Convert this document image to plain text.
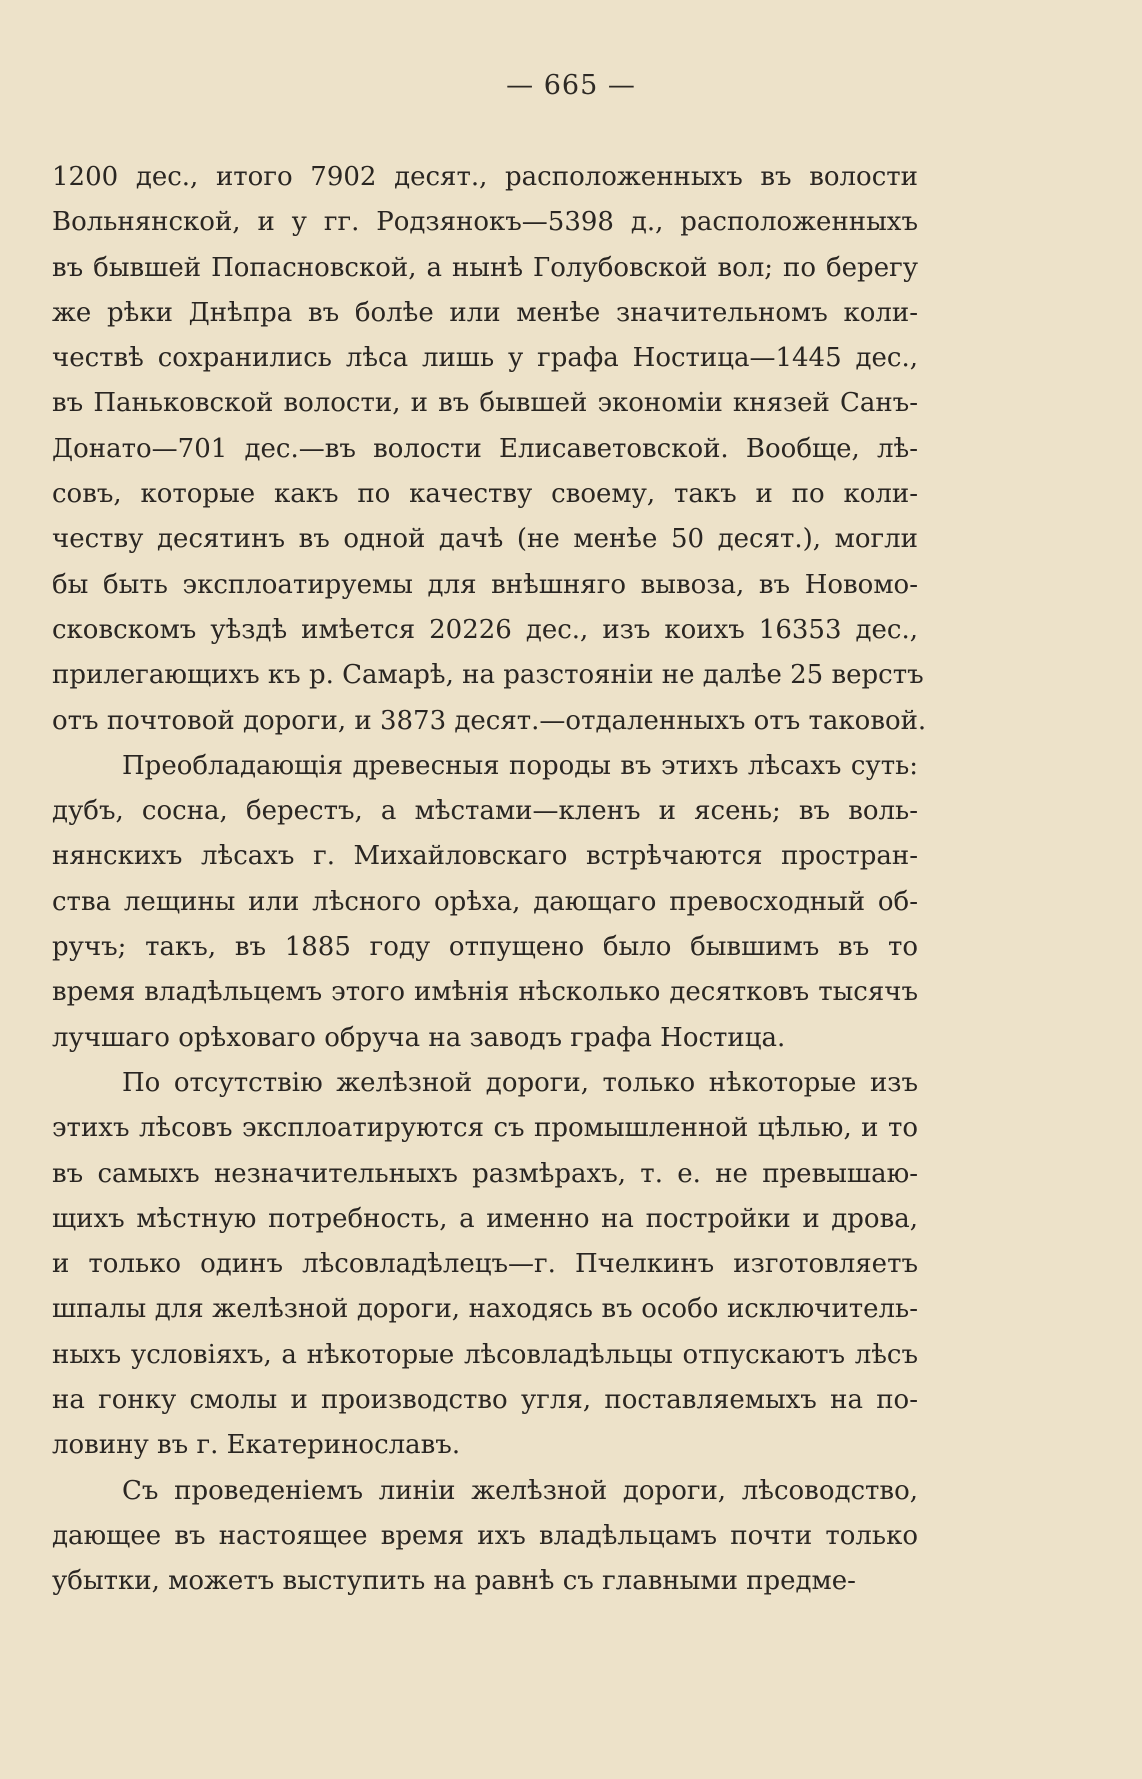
— 665 —
1200 дес., итого 7902 десят., расположенныхъ въ волости
Вольнянской, и у гг. Родзянокъ—5398 д., расположенныхъ
въ бывшей Попасновской, а нынѣ Голубовской вол; по берегу
же рѣки Днѣпра въ болѣе или менѣе значительномъ коли-
чествѣ сохранились лѣса лишь у графа Ностица—1445 дес.,
въ Паньковской волости, и въ бывшей экономіи князей Санъ-
Донато—701 дес.—въ волости Елисаветовской. Вообще, лѣ-
совъ, которые какъ по качеству своему, такъ и по коли-
честву десятинъ въ одной дачѣ (не менѣе 50 десят.), могли
бы быть эксплоатируемы для внѣшняго вывоза, въ Новомо-
сковскомъ уѣздѣ имѣется 20226 дес., изъ коихъ 16353 дес.,
прилегающихъ къ р. Самарѣ, на разстояніи не далѣе 25 верстъ
отъ почтовой дороги, и 3873 десят.—отдаленныхъ отъ таковой.
Преобладающія древесныя породы въ этихъ лѣсахъ суть:
дубъ, сосна, берестъ, а мѣстами—кленъ и ясень; въ воль-
нянскихъ лѣсахъ г. Михайловскаго встрѣчаются простран-
ства лещины или лѣсного орѣха, дающаго превосходный об-
ручъ; такъ, въ 1885 году отпущено было бывшимъ въ то
время владѣльцемъ этого имѣнія нѣсколько десятковъ тысячъ
лучшаго орѣховаго обруча на заводъ графа Ностица.
По отсутствію желѣзной дороги, только нѣкоторые изъ
этихъ лѣсовъ эксплоатируются съ промышленной цѣлью, и то
въ самыхъ незначительныхъ размѣрахъ, т. е. не превышаю-
щихъ мѣстную потребность, а именно на постройки и дрова,
и только одинъ лѣсовладѣлецъ—г. Пчелкинъ изготовляетъ
шпалы для желѣзной дороги, находясь въ особо исключитель-
ныхъ условіяхъ, а нѣкоторые лѣсовладѣльцы отпускаютъ лѣсъ
на гонку смолы и производство угля, поставляемыхъ на по-
ловину въ г. Екатеринославъ.
Съ проведеніемъ линіи желѣзной дороги, лѣсоводство,
дающее въ настоящее время ихъ владѣльцамъ почти только
убытки, можетъ выступить на равнѣ съ главными предме-
